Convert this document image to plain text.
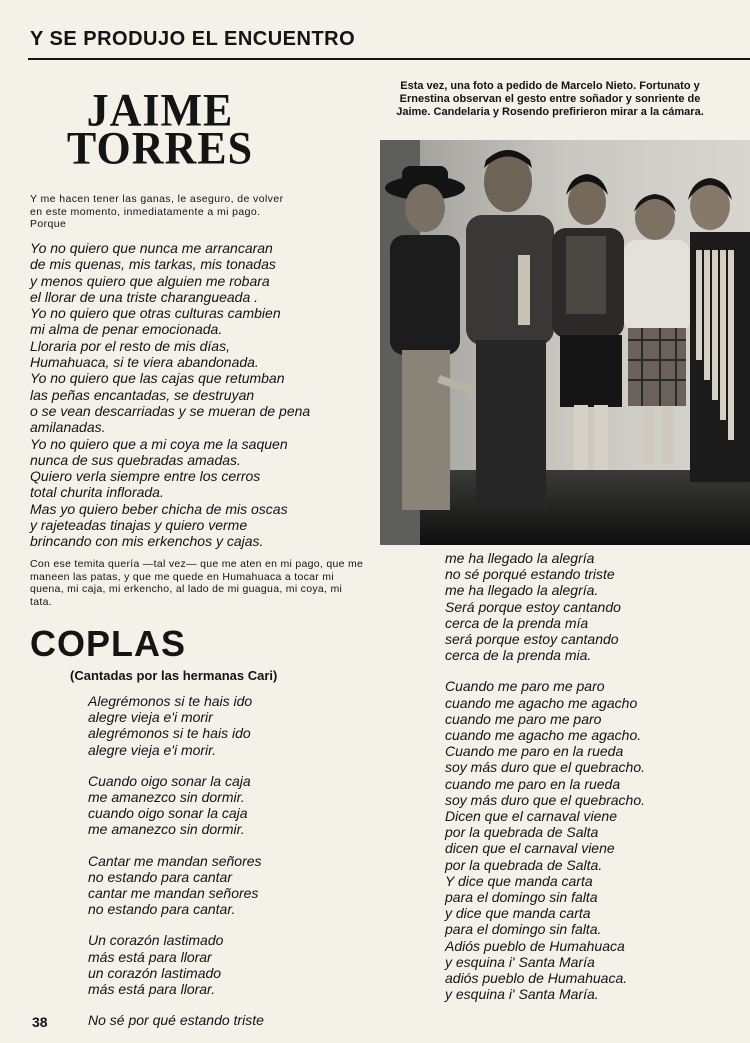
Y SE PRODUJO EL ENCUENTRO
JAIME
TORRES
Y me hacen tener las ganas, le aseguro, de volver en este momento, inmediatamente a mi pago. Porque
Yo no quiero que nunca me arrancaran
de mis quenas, mis tarkas, mis tonadas
y menos quiero que alguien me robara
el llorar de una triste charangueada .
Yo no quiero que otras culturas cambien
mi alma de penar emocionada.
Lloraria por el resto de mis días,
Humahuaca, si te viera abandonada.
Yo no quiero que las cajas que retumban
las peñas encantadas, se destruyan
o se vean descarriadas y se mueran de pena
amilanadas.
Yo no quiero que a mi coya me la saquen
nunca de sus quebradas amadas.
Quiero verla siempre entre los cerros
total churita inflorada.
Mas yo quiero beber chicha de mis oscas
y rajeteadas tinajas y quiero verme
brincando con mis erkenchos y cajas.
Con ese temita quería —tal vez— que me aten en mi pago, que me maneen las patas, y que me quede en Humahuaca a tocar mi quena, mi caja, mi erkencho, al lado de mi guagua, mi coya, mi tata.
COPLAS
(Cantadas por las hermanas Cari)
Alegrémonos si te hais ido
alegre vieja e'i morir
alegrémonos si te hais ido
alegre vieja e'i morir.
Cuando oigo sonar la caja
me amanezco sin dormir.
cuando oigo sonar la caja
me amanezco sin dormir.
Cantar me mandan señores
no estando para cantar
cantar me mandan señores
no estando para cantar.
Un corazón lastimado
más está para llorar
un corazón lastimado
más está para llorar.
No sé por qué estando triste
Esta vez, una foto a pedido de Marcelo Nieto. Fortunato y Ernestina observan el gesto entre soñador y sonriente de Jaime. Candelaria y Rosendo prefirieron mirar a la cámara.
me ha llegado la alegría
no sé porqué estando triste
me ha llegado la alegría.
Será porque estoy cantando
cerca de la prenda mía
será porque estoy cantando
cerca de la prenda mia.
Cuando me paro me paro
cuando me agacho me agacho
cuando me paro me paro
cuando me agacho me agacho.
Cuando me paro en la rueda
soy más duro que el quebracho.
cuando me paro en la rueda
soy más duro que el quebracho.
Dicen que el carnaval viene
por la quebrada de Salta
dicen que el carnaval viene
por la quebrada de Salta.
Y dice que manda carta
para el domingo sin falta
y dice que manda carta
para el domingo sin falta.
Adiós pueblo de Humahuaca
y esquina i' Santa María
adiós pueblo de Humahuaca.
y esquina i' Santa María.
38
